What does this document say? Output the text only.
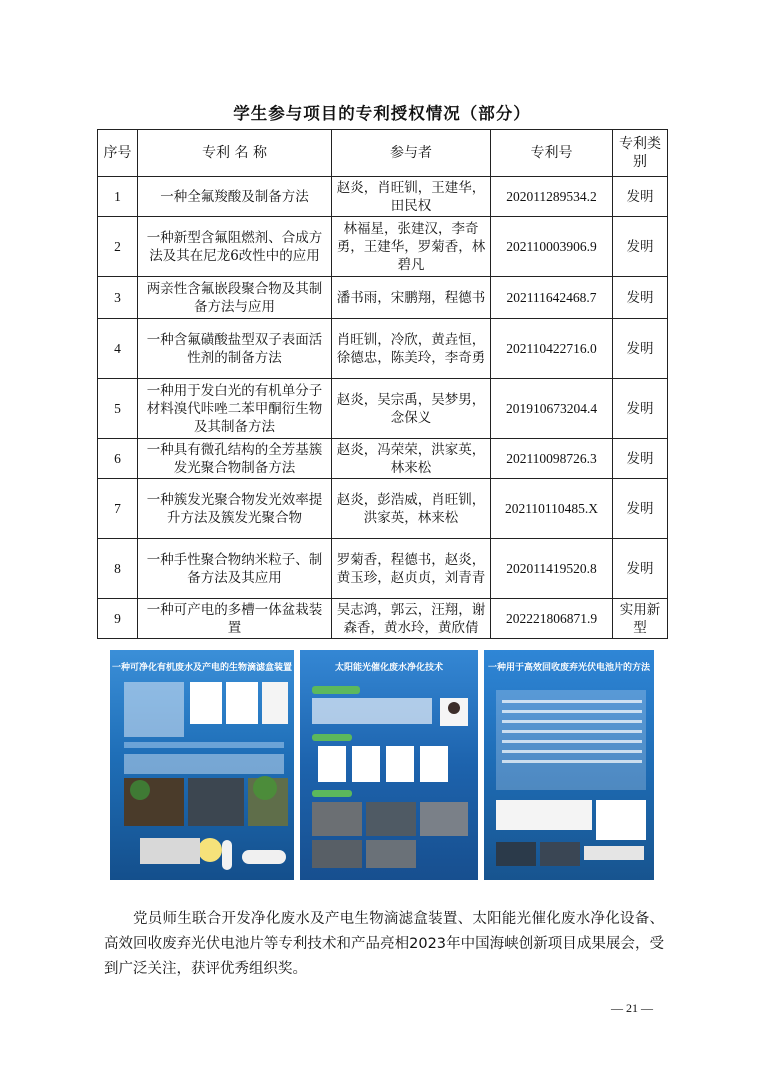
学生参与项目的专利授权情况（部分）
序号	专利 名 称	参与者	专利号	专利类别
1	一种全氟羧酸及制备方法	赵炎，肖旺钏，王建华，田民权	202011289534.2	发明
2	一种新型含氟阻燃剂、合成方法及其在尼龙6改性中的应用	林福星，张建汉，李奇勇，王建华，罗菊香，林碧凡	202110003906.9	发明
3	两亲性含氟嵌段聚合物及其制备方法与应用	潘书雨，宋鹏翔，程德书	202111642468.7	发明
4	一种含氟磺酸盐型双子表面活性剂的制备方法	肖旺钏，冷欣，黄垚恒，徐德忠，陈美玲，李奇勇	202110422716.0	发明
5	一种用于发白光的有机单分子材料溴代咔唑二苯甲酮衍生物及其制备方法	赵炎，吴宗禹，吴梦男，念保义	201910673204.4	发明
6	一种具有微孔结构的全芳基簇发光聚合物制备方法	赵炎，冯荣荣，洪家英，林来松	202110098726.3	发明
7	一种簇发光聚合物发光效率提升方法及簇发光聚合物	赵炎，彭浩威，肖旺钏，洪家英，林来松	202110110485.X	发明
8	一种手性聚合物纳米粒子、制备方法及其应用	罗菊香，程德书，赵炎，黄玉珍，赵贞贞，刘青青	202011419520.8	发明
9	一种可产电的多槽一体盆栽装置	吴志鸿，郭云，汪翔，谢森香，黄水玲，黄欣倩	202221806871.9	实用新型
一种可净化有机废水及产电的生物滴滤盒装置	太阳能光催化废水净化技术	一种用于高效回收废弃光伏电池片的方法
党员师生联合开发净化废水及产电生物滴滤盒装置、太阳能光催化废水净化设备、高效回收废弃光伏电池片等专利技术和产品亮相2023年中国海峡创新项目成果展会，受到广泛关注，获评优秀组织奖。
— 21 —
